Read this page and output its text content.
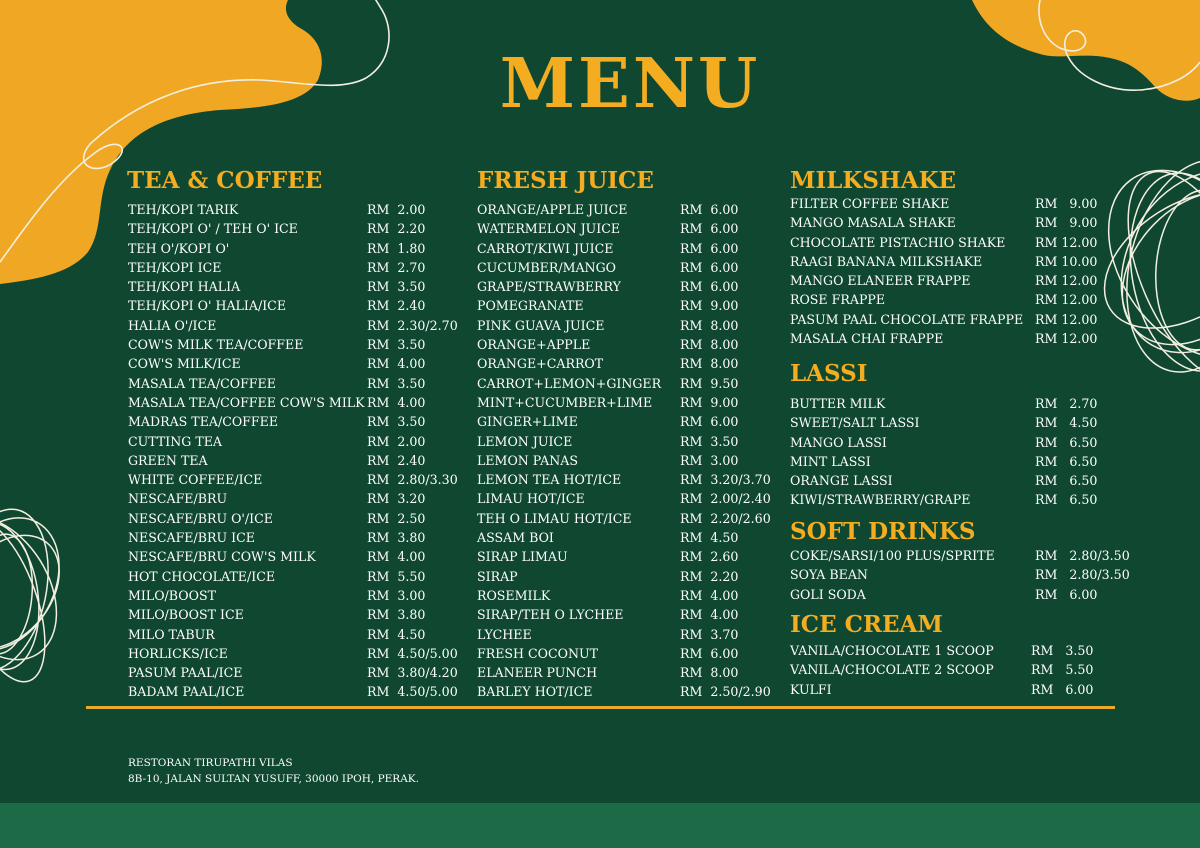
MENU
TEA & COFFEE
TEH/KOPI TARIK	RM  2.00
TEH/KOPI O' / TEH O' ICE	RM  2.20
TEH O'/KOPI O'	RM  1.80
TEH/KOPI ICE	RM  2.70
TEH/KOPI HALIA	RM  3.50
TEH/KOPI O' HALIA/ICE	RM  2.40
HALIA O'/ICE	RM  2.30/2.70
COW'S MILK TEA/COFFEE	RM  3.50
COW'S MILK/ICE	RM  4.00
MASALA TEA/COFFEE	RM  3.50
MASALA TEA/COFFEE COW'S MILK RM  4.00
MADRAS TEA/COFFEE	RM  3.50
CUTTING TEA	RM  2.00
GREEN TEA	RM  2.40
WHITE COFFEE/ICE	RM  2.80/3.30
NESCAFE/BRU	RM  3.20
NESCAFE/BRU O'/ICE	RM  2.50
NESCAFE/BRU ICE	RM  3.80
NESCAFE/BRU COW'S MILK	RM  4.00
HOT CHOCOLATE/ICE	RM  5.50
MILO/BOOST	RM  3.00
MILO/BOOST ICE	RM  3.80
MILO TABUR	RM  4.50
HORLICKS/ICE	RM  4.50/5.00
PASUM PAAL/ICE	RM  3.80/4.20
BADAM PAAL/ICE	RM  4.50/5.00
FRESH JUICE
ORANGE/APPLE JUICE	RM  6.00
WATERMELON JUICE	RM  6.00
CARROT/KIWI JUICE	RM  6.00
CUCUMBER/MANGO	RM  6.00
GRAPE/STRAWBERRY	RM  6.00
POMEGRANATE	RM  9.00
PINK GUAVA JUICE	RM  8.00
ORANGE+APPLE	RM  8.00
ORANGE+CARROT	RM  8.00
CARROT+LEMON+GINGER RM  9.50
MINT+CUCUMBER+LIME RM  9.00
GINGER+LIME	RM  6.00
LEMON JUICE	RM  3.50
LEMON PANAS	RM  3.00
LEMON TEA HOT/ICE	RM  3.20/3.70
LIMAU HOT/ICE	RM  2.00/2.40
TEH O LIMAU HOT/ICE	RM  2.20/2.60
ASSAM BOI	RM  4.50
SIRAP LIMAU	RM  2.60
SIRAP	RM  2.20
ROSEMILK	RM  4.00
SIRAP/TEH O LYCHEE	RM  4.00
LYCHEE	RM  3.70
FRESH COCONUT	RM  6.00
ELANEER PUNCH	RM  8.00
BARLEY HOT/ICE	RM  2.50/2.90
MILKSHAKE
FILTER COFFEE SHAKE	RM   9.00
MANGO MASALA SHAKE	RM   9.00
CHOCOLATE PISTACHIO SHAKE RM 12.00
RAAGI BANANA MILKSHAKE	RM 10.00
MANGO ELANEER FRAPPE	RM 12.00
ROSE FRAPPE	RM 12.00
PASUM PAAL CHOCOLATE FRAPPE RM 12.00
MASALA CHAI FRAPPE	RM 12.00
LASSI
BUTTER MILK	RM   2.70
SWEET/SALT LASSI	RM   4.50
MANGO LASSI	RM   6.50
MINT LASSI	RM   6.50
ORANGE LASSI	RM   6.50
KIWI/STRAWBERRY/GRAPE	RM   6.50
SOFT DRINKS
COKE/SARSI/100 PLUS/SPRITE	RM   2.80/3.50
SOYA BEAN	RM   2.80/3.50
GOLI SODA	RM   6.00
ICE CREAM
VANILA/CHOCOLATE 1 SCOOP	RM   3.50
VANILA/CHOCOLATE 2 SCOOP	RM   5.50
KULFI	RM   6.00
RESTORAN TIRUPATHI VILAS
8B-10, JALAN SULTAN YUSUFF, 30000 IPOH, PERAK.
